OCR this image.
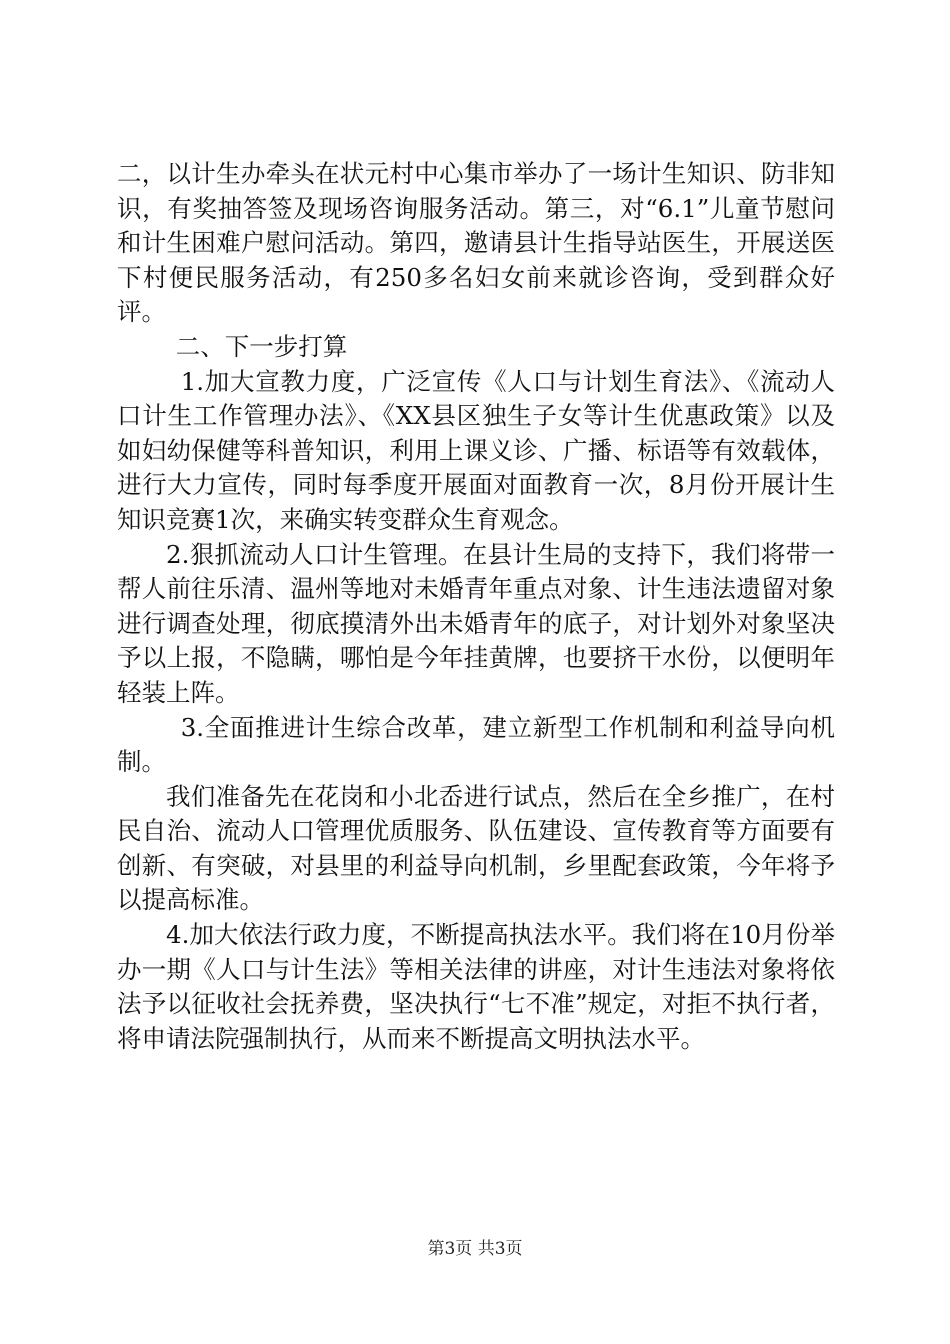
二，以计生办牵头在状元村中心集市举办了一场计生知识、防非知识，有奖抽答签及现场咨询服务活动。第三，对“6.1”儿童节慰问和计生困难户慰问活动。第四，邀请县计生指导站医生，开展送医下村便民服务活动，有250多名妇女前来就诊咨询，受到群众好评。

二、下一步打算

1.加大宣教力度，广泛宣传《人口与计划生育法》、《流动人口计生工作管理办法》、《XX县区独生子女等计生优惠政策》以及如妇幼保健等科普知识，利用上课义诊、广播、标语等有效载体，进行大力宣传，同时每季度开展面对面教育一次，8月份开展计生知识竞赛1次，来确实转变群众生育观念。

2.狠抓流动人口计生管理。在县计生局的支持下，我们将带一帮人前往乐清、温州等地对未婚青年重点对象、计生违法遗留对象进行调查处理，彻底摸清外出未婚青年的底子，对计划外对象坚决予以上报，不隐瞒，哪怕是今年挂黄牌，也要挤干水份，以便明年轻装上阵。

3.全面推进计生综合改革，建立新型工作机制和利益导向机制。

我们准备先在花岗和小北岙进行试点，然后在全乡推广，在村民自治、流动人口管理优质服务、队伍建设、宣传教育等方面要有创新、有突破，对县里的利益导向机制，乡里配套政策，今年将予以提高标准。

4.加大依法行政力度，不断提高执法水平。我们将在10月份举办一期《人口与计生法》等相关法律的讲座，对计生违法对象将依法予以征收社会抚养费，坚决执行“七不准”规定，对拒不执行者，将申请法院强制执行，从而来不断提高文明执法水平。

第3页 共3页
